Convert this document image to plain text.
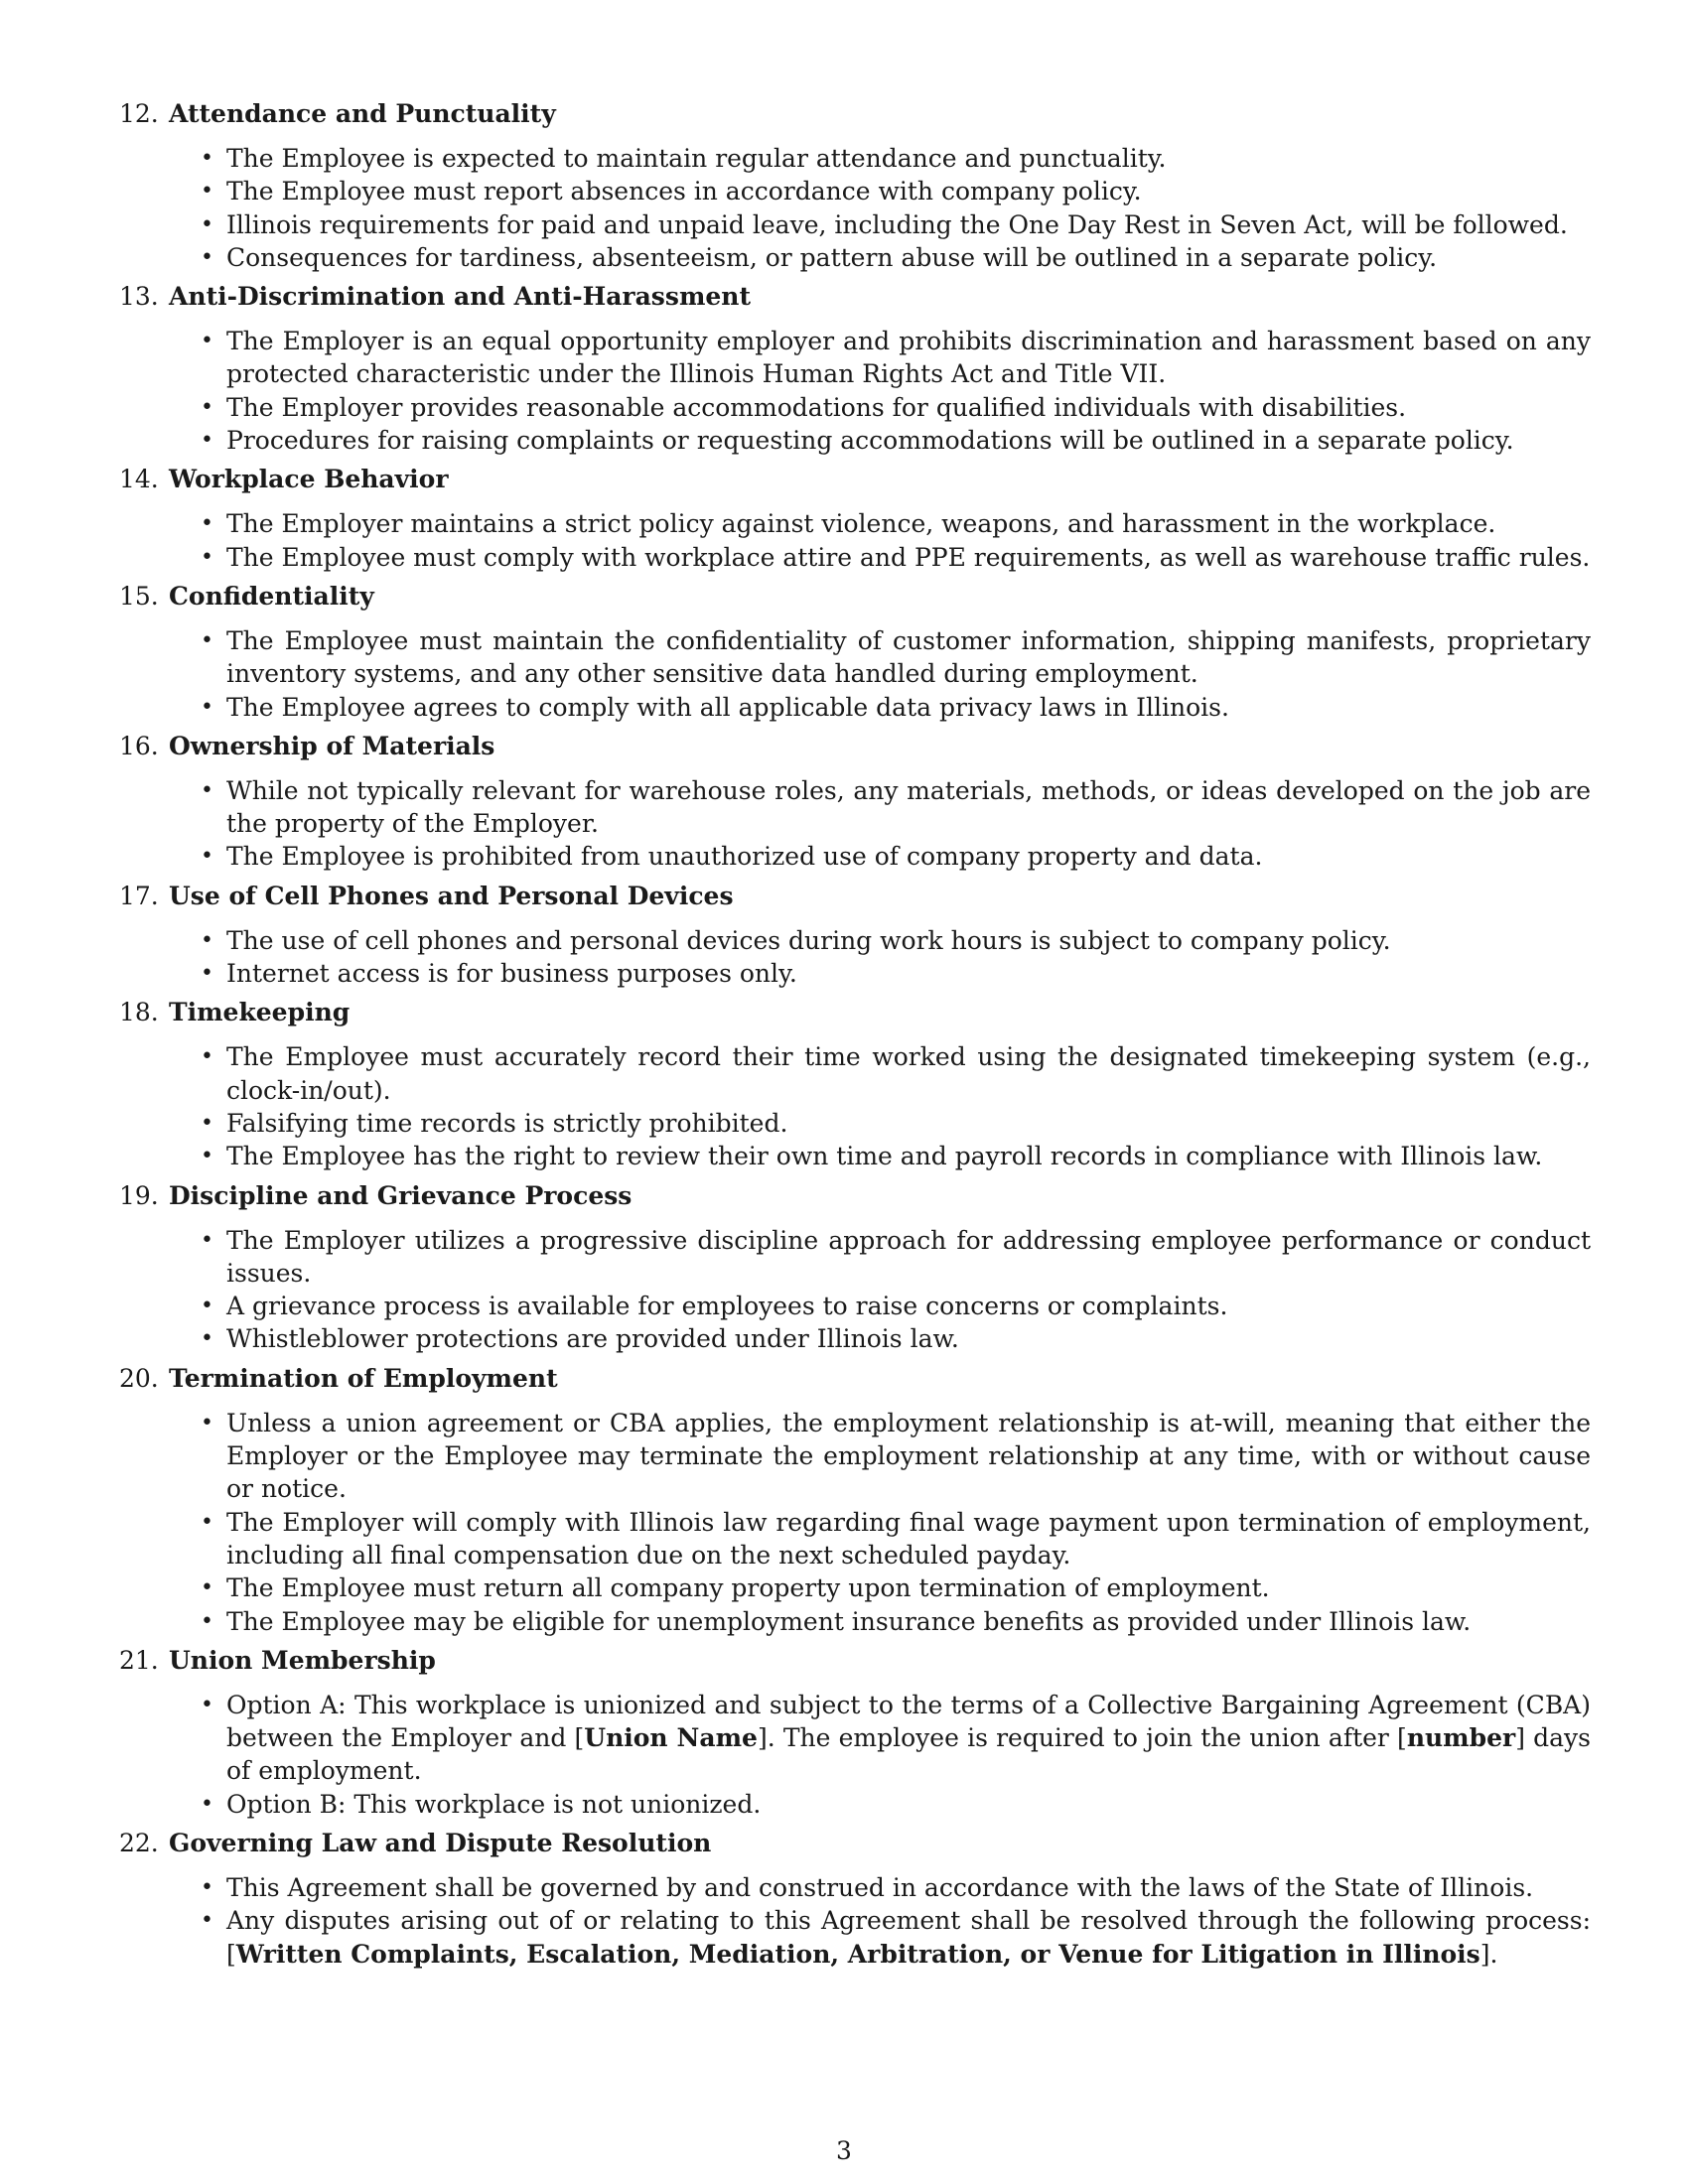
12. Attendance and Punctuality
• The Employee is expected to maintain regular attendance and punctuality.
• The Employee must report absences in accordance with company policy.
• Illinois requirements for paid and unpaid leave, including the One Day Rest in Seven Act, will be followed.
• Consequences for tardiness, absenteeism, or pattern abuse will be outlined in a separate policy.
13. Anti-Discrimination and Anti-Harassment
• The Employer is an equal opportunity employer and prohibits discrimination and harassment based on any protected characteristic under the Illinois Human Rights Act and Title VII.
• The Employer provides reasonable accommodations for qualified individuals with disabilities.
• Procedures for raising complaints or requesting accommodations will be outlined in a separate policy.
14. Workplace Behavior
• The Employer maintains a strict policy against violence, weapons, and harassment in the workplace.
• The Employee must comply with workplace attire and PPE requirements, as well as warehouse traffic rules.
15. Confidentiality
• The Employee must maintain the confidentiality of customer information, shipping manifests, proprietary inventory systems, and any other sensitive data handled during employment.
• The Employee agrees to comply with all applicable data privacy laws in Illinois.
16. Ownership of Materials
• While not typically relevant for warehouse roles, any materials, methods, or ideas developed on the job are the property of the Employer.
• The Employee is prohibited from unauthorized use of company property and data.
17. Use of Cell Phones and Personal Devices
• The use of cell phones and personal devices during work hours is subject to company policy.
• Internet access is for business purposes only.
18. Timekeeping
• The Employee must accurately record their time worked using the designated timekeeping system (e.g., clock-in/out).
• Falsifying time records is strictly prohibited.
• The Employee has the right to review their own time and payroll records in compliance with Illinois law.
19. Discipline and Grievance Process
• The Employer utilizes a progressive discipline approach for addressing employee performance or conduct issues.
• A grievance process is available for employees to raise concerns or complaints.
• Whistleblower protections are provided under Illinois law.
20. Termination of Employment
• Unless a union agreement or CBA applies, the employment relationship is at-will, meaning that either the Employer or the Employee may terminate the employment relationship at any time, with or without cause or notice.
• The Employer will comply with Illinois law regarding final wage payment upon termination of employment, including all final compensation due on the next scheduled payday.
• The Employee must return all company property upon termination of employment.
• The Employee may be eligible for unemployment insurance benefits as provided under Illinois law.
21. Union Membership
• Option A: This workplace is unionized and subject to the terms of a Collective Bargaining Agreement (CBA) between the Employer and [Union Name]. The employee is required to join the union after [number] days of employment.
• Option B: This workplace is not unionized.
22. Governing Law and Dispute Resolution
• This Agreement shall be governed by and construed in accordance with the laws of the State of Illinois.
• Any disputes arising out of or relating to this Agreement shall be resolved through the following process: [Written Complaints, Escalation, Mediation, Arbitration, or Venue for Litigation in Illinois].
3
